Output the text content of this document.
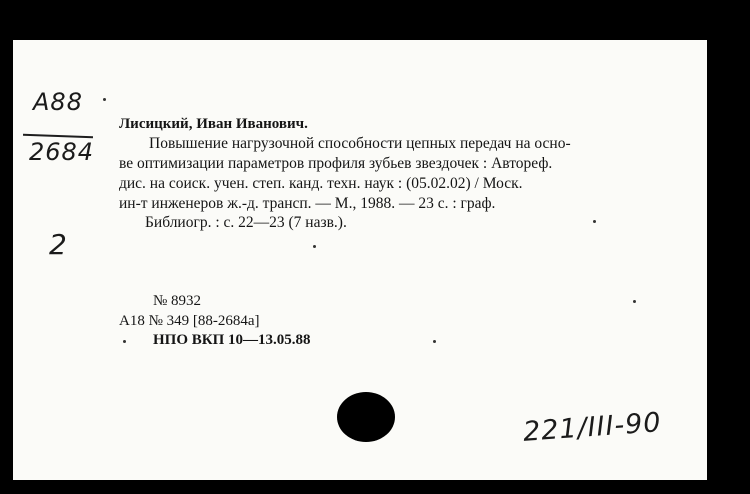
А88
2684
2
Лисицкий, Иван Иванович.
Повышение нагрузочной способности цепных передач на осно-
ве оптимизации параметров профиля зубьев звездочек : Автореф.
дис. на соиск. учен. степ. канд. техн. наук : (05.02.02) / Моск.
ин-т инженеров ж.-д. трансп. — М., 1988. — 23 с. : граф.
Библиогр. : с. 22—23 (7 назв.).
№ 8932
А18 № 349 [88-2684а]
НПО ВКП 10—13.05.88
221/III-90
